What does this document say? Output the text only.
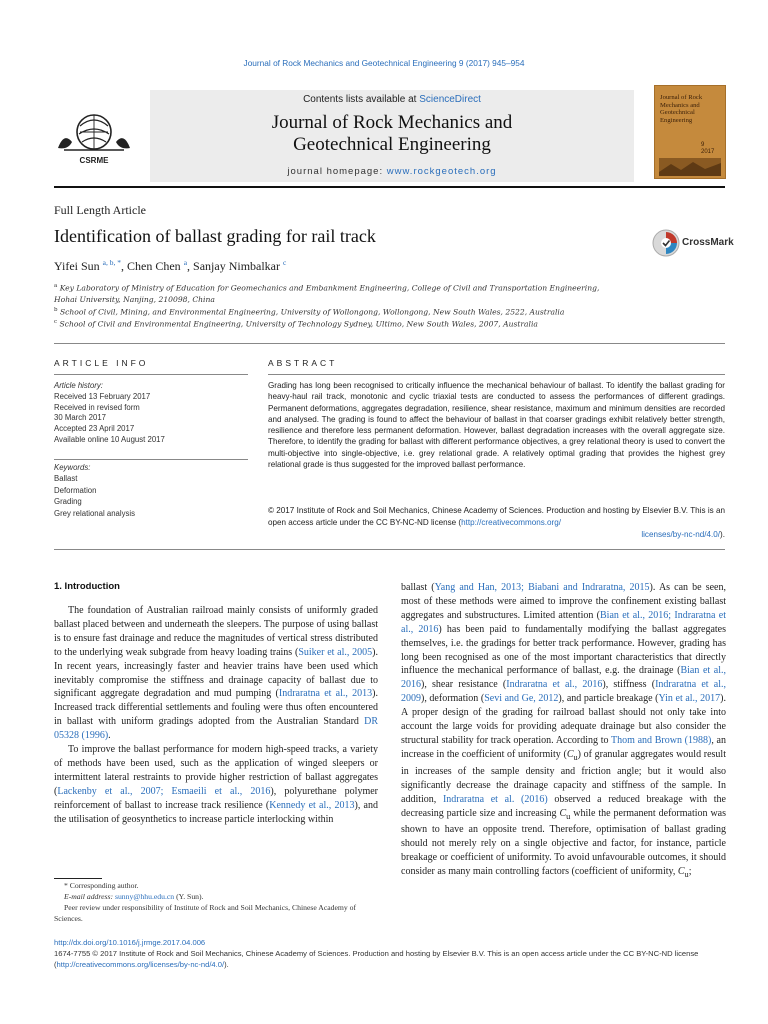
Journal of Rock Mechanics and Geotechnical Engineering 9 (2017) 945–954
CSRME
Contents lists available at ScienceDirect
Journal of Rock Mechanics and
Geotechnical Engineering
journal homepage: www.rockgeotech.org
Journal of Rock Mechanics and Geotechnical Engineering
9
2017
Full Length Article
Identification of ballast grading for rail track	CrossMark
Yifei Sun $^{a, b, *}$, Chen Chen $^a$, Sanjay Nimbalkar $^c$
$^a$ Key Laboratory of Ministry of Education for Geomechanics and Embankment Engineering, College of Civil and Transportation Engineering, Hohai University, Nanjing, 210098, China
$^b$ School of Civil, Mining, and Environmental Engineering, University of Wollongong, Wollongong, New South Wales, 2522, Australia
$^c$ School of Civil and Environmental Engineering, University of Technology Sydney, Ultimo, New South Wales, 2007, Australia
ARTICLE INFO	ABSTRACT
Article history:
Received 13 February 2017
Received in revised form
30 March 2017
Accepted 23 April 2017
Available online 10 August 2017
Keywords:
Ballast
Deformation
Grading
Grey relational analysis
Grading has long been recognised to critically influence the mechanical behaviour of ballast. To identify the ballast grading for heavy-haul rail track, monotonic and cyclic triaxial tests are conducted to assess the performances of different gradings. Permanent deformations, aggregates degradation, resilience, shear resistance, maximum and minimum densities are recorded and analysed. The grading is found to affect the behaviour of ballast in that coarser gradings exhibit relatively better strength, resilience and therefore less permanent deformation. However, ballast degradation increases with the overall aggregate size. Therefore, to identify the grading for ballast with different performance objectives, a grey relational theory is used to convert the multi-objective into single-objective, i.e. grey relational grade. A relatively optimal grading that provides the highest grey relational grade is thus suggested for the improved ballast performance.
© 2017 Institute of Rock and Soil Mechanics, Chinese Academy of Sciences. Production and hosting by Elsevier B.V. This is an open access article under the CC BY-NC-ND license (http://creativecommons.org/
licenses/by-nc-nd/4.0/).
1. Introduction

The foundation of Australian railroad mainly consists of uniformly graded ballast placed between and underneath the sleepers. The purpose of using ballast is to ensure fast drainage and reduce the magnitudes of vertical stress distributed to the underlying weak subgrade from heavy loading trains (Suiker et al., 2005). In recent years, increasingly faster and heavier trains have been used which inevitably compromise the stiffness and drainage capacity of ballast due to significant aggregate degradation and mud pumping (Indraratna et al., 2013). Increased track differential settlements and fouling were thus often encountered in ballast with uniform gradings adopted from the Australian Standard DR 05328 (1996).

To improve the ballast performance for modern high-speed tracks, a variety of methods have been used, such as the application of winged sleepers or intermittent lateral restraints to provide higher restriction of ballast aggregates (Lackenby et al., 2007; Esmaeili et al., 2016), polyurethane polymer reinforcement of ballast to increase track resilience (Kennedy et al., 2013), and the utilisation of geosynthetics to increase particle interlocking within

ballast (Yang and Han, 2013; Biabani and Indraratna, 2015). As can be seen, most of these methods were aimed to improve the confinement existing ballast aggregates and substructures. Limited attention (Bian et al., 2016; Indraratna et al., 2016) has been paid to fundamentally modifying the ballast aggregates themselves, i.e. the gradings for better track performance. However, grading has long been recognised as one of the most important characteristics that directly influence the mechanical performance of ballast, e.g. the drainage (Bian et al., 2016), shear resistance (Indraratna et al., 2016), stiffness (Indraratna et al., 2009), deformation (Sevi and Ge, 2012), and particle breakage (Yin et al., 2017). A proper design of the grading for railroad ballast should not only take into account the large voids for providing adequate drainage but also consider the structural stability for track operation. According to Thom and Brown (1988), an increase in the coefficient of uniformity $(C_u)$ of granular aggregates would result in increases of the sample density and friction angle; but it would also significantly decrease the drainage capacity and stiffness of the sample. In addition, Indraratna et al. (2016) observed a reduced breakage with the decreasing particle size and increasing $C_u$ while the permanent deformation was shown to have an opposite trend. Therefore, optimisation of ballast grading should not merely rely on a single objective and factor, for instance, particle breakage or coefficient of uniformity. To avoid unfavourable outcomes, it should consider as many main controlling factors (coefficient of uniformity, $C_u$;

* Corresponding author.
E-mail address: sunny@hhu.edu.cn (Y. Sun).
Peer review under responsibility of Institute of Rock and Soil Mechanics, Chinese Academy of Sciences.
http://dx.doi.org/10.1016/j.jrmge.2017.04.006
1674-7755 © 2017 Institute of Rock and Soil Mechanics, Chinese Academy of Sciences. Production and hosting by Elsevier B.V. This is an open access article under the CC BY-NC-ND license (http://creativecommons.org/licenses/by-nc-nd/4.0/).
